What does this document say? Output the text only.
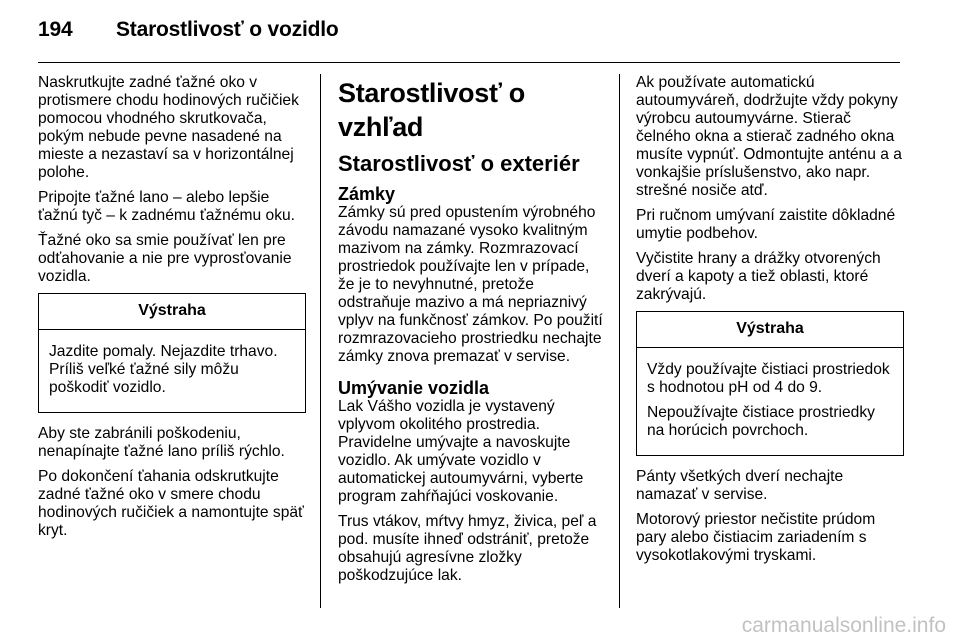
194 Starostlivosť o vozidlo

Naskrutkujte zadné ťažné oko v protismere chodu hodinových ručičiek pomocou vhodného skrutkovača, pokým nebude pevne nasadené na mieste a nezastaví sa v horizontálnej polohe.

Pripojte ťažné lano – alebo lepšie ťažnú tyč – k zadnému ťažnému oku.

Ťažné oko sa smie používať len pre odťahovanie a nie pre vyprosťovanie vozidla.

Výstraha

Jazdite pomaly. Nejazdite trhavo. Príliš veľké ťažné sily môžu poškodiť vozidlo.

Aby ste zabránili poškodeniu, nenapínajte ťažné lano príliš rýchlo.

Po dokončení ťahania odskrutkujte zadné ťažné oko v smere chodu hodinových ručičiek a namontujte späť kryt.

Starostlivosť o vzhľad
Starostlivosť o exteriér
Zámky

Zámky sú pred opustením výrobného závodu namazané vysoko kvalitným mazivom na zámky. Rozmrazovací prostriedok používajte len v prípade, že je to nevyhnutné, pretože odstraňuje mazivo a má nepriaznivý vplyv na funkčnosť zámkov. Po použití rozmrazovacieho prostriedku nechajte zámky znova premazať v servise.

Umývanie vozidla

Lak Vášho vozidla je vystavený vplyvom okolitého prostredia. Pravidelne umývajte a navoskujte vozidlo. Ak umývate vozidlo v automatickej autoumyvárni, vyberte program zahŕňajúci voskovanie.

Trus vtákov, mŕtvy hmyz, živica, peľ a pod. musíte ihneď odstrániť, pretože obsahujú agresívne zložky poškodzujúce lak.

Ak používate automatickú autoumyváreň, dodržujte vždy pokyny výrobcu autoumyvárne. Stierač čelného okna a stierač zadného okna musíte vypnúť. Odmontujte anténu a a vonkajšie príslušenstvo, ako napr. strešné nosiče atď.

Pri ručnom umývaní zaistite dôkladné umytie podbehov.

Vyčistite hrany a drážky otvorených dverí a kapoty a tiež oblasti, ktoré zakrývajú.

Výstraha

Vždy používajte čistiaci prostriedok s hodnotou pH od 4 do 9.

Nepoužívajte čistiace prostriedky na horúcich povrchoch.

Pánty všetkých dverí nechajte namazať v servise.

Motorový priestor nečistite prúdom pary alebo čistiacim zariadením s vysokotlakovými tryskami.

carmanualsonline.info
